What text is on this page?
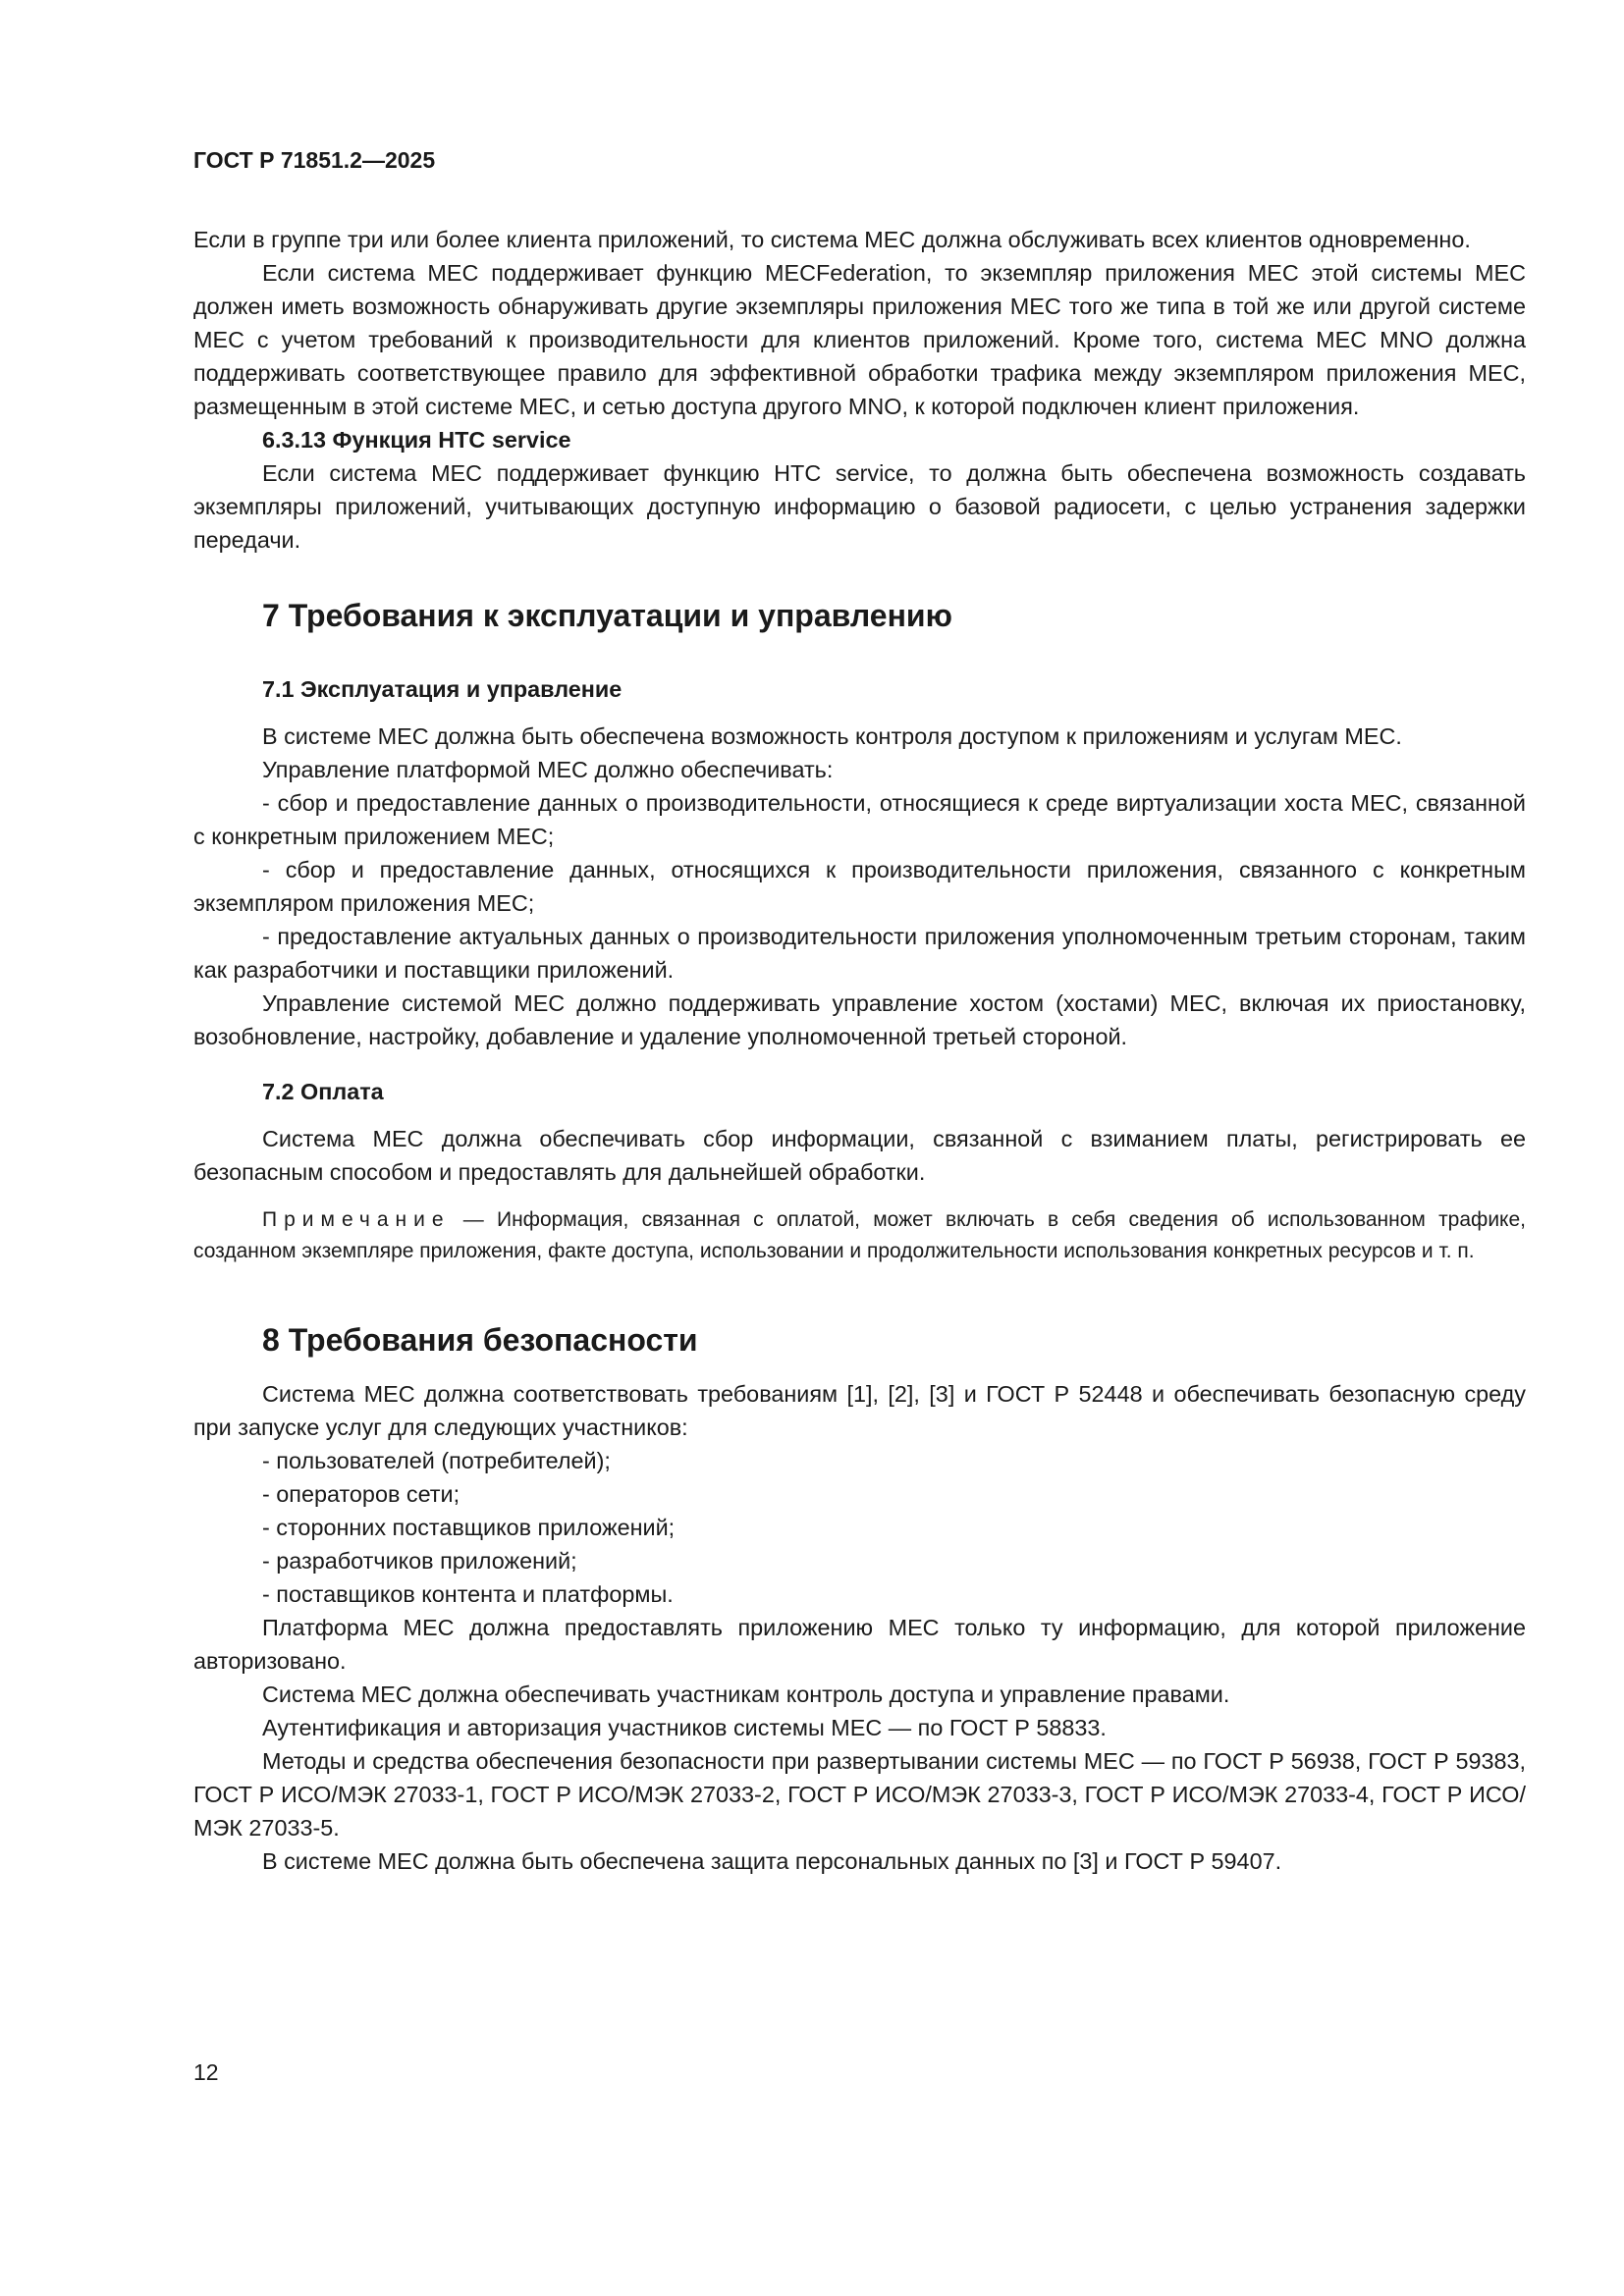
ГОСТ Р 71851.2—2025

Если в группе три или более клиента приложений, то система МЕС должна обслуживать всех клиентов одновременно.

Если система МЕС поддерживает функцию MECFederation, то экземпляр приложения МЕС этой системы МЕС должен иметь возможность обнаруживать другие экземпляры приложения МЕС того же типа в той же или другой системе МЕС с учетом требований к производительности для клиентов приложений. Кроме того, система МЕС MNO должна поддерживать соответствующее правило для эффективной обработки трафика между экземпляром приложения МЕС, размещенным в этой системе МЕС, и сетью доступа другого MNO, к которой подключен клиент приложения.

6.3.13 Функция HTC service

Если система МЕС поддерживает функцию HTC service, то должна быть обеспечена возможность создавать экземпляры приложений, учитывающих доступную информацию о базовой радиосети, с целью устранения задержки передачи.

7 Требования к эксплуатации и управлению
7.1 Эксплуатация и управление

В системе МЕС должна быть обеспечена возможность контроля доступом к приложениям и услугам МЕС.

Управление платформой МЕС должно обеспечивать:

- сбор и предоставление данных о производительности, относящиеся к среде виртуализации хоста МЕС, связанной с конкретным приложением МЕС;

- сбор и предоставление данных, относящихся к производительности приложения, связанного с конкретным экземпляром приложения МЕС;

- предоставление актуальных данных о производительности приложения уполномоченным третьим сторонам, таким как разработчики и поставщики приложений.

Управление системой МЕС должно поддерживать управление хостом (хостами) МЕС, включая их приостановку, возобновление, настройку, добавление и удаление уполномоченной третьей стороной.

7.2 Оплата

Система МЕС должна обеспечивать сбор информации, связанной с взиманием платы, регистрировать ее безопасным способом и предоставлять для дальнейшей обработки.

Примечание — Информация, связанная с оплатой, может включать в себя сведения об использованном трафике, созданном экземпляре приложения, факте доступа, использовании и продолжительности использования конкретных ресурсов и т. п.

8 Требования безопасности

Система МЕС должна соответствовать требованиям [1], [2], [3] и ГОСТ Р 52448 и обеспечивать безопасную среду при запуске услуг для следующих участников:

- пользователей (потребителей);

- операторов сети;

- сторонних поставщиков приложений;

- разработчиков приложений;

- поставщиков контента и платформы.

Платформа МЕС должна предоставлять приложению МЕС только ту информацию, для которой приложение авторизовано.

Система МЕС должна обеспечивать участникам контроль доступа и управление правами.

Аутентификация и авторизация участников системы МЕС — по ГОСТ Р 58833.

Методы и средства обеспечения безопасности при развертывании системы МЕС — по ГОСТ Р 56938, ГОСТ Р 59383, ГОСТ Р ИСО/МЭК 27033-1, ГОСТ Р ИСО/МЭК 27033-2, ГОСТ Р ИСО/МЭК 27033-3, ГОСТ Р ИСО/МЭК 27033-4, ГОСТ Р ИСО/МЭК 27033-5.

В системе МЕС должна быть обеспечена защита персональных данных по [3] и ГОСТ Р 59407.

12
